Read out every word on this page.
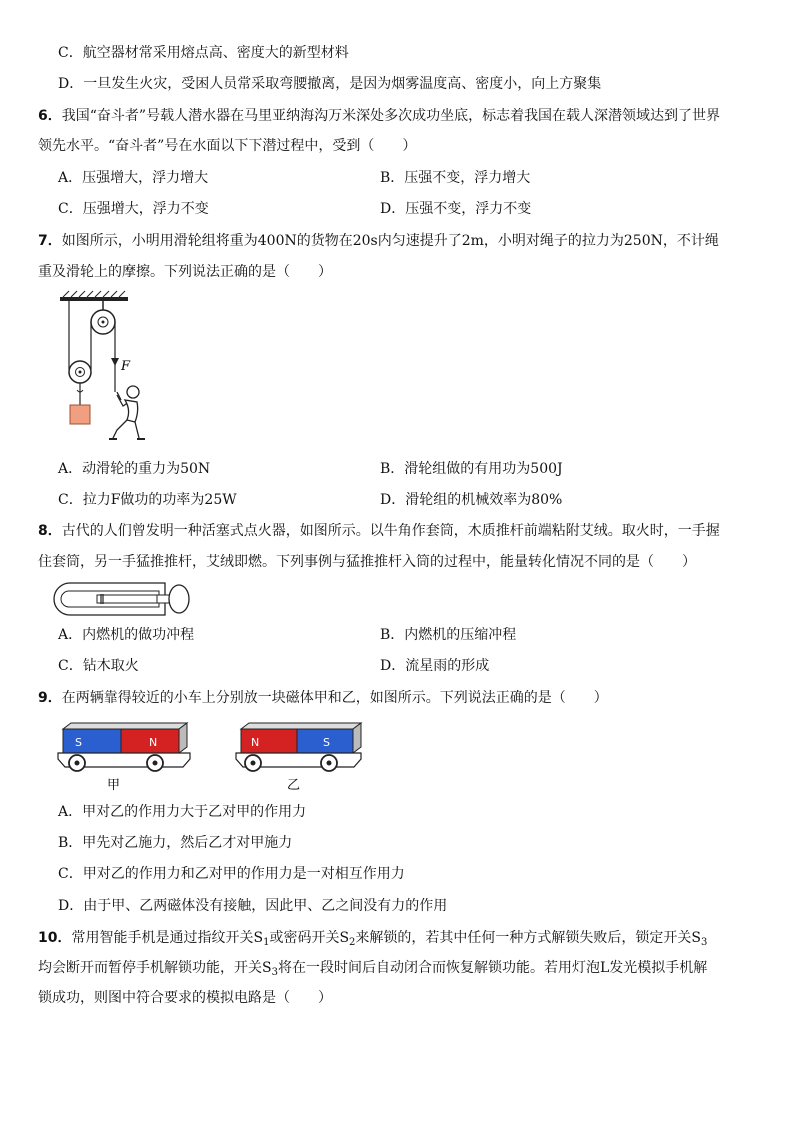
C．航空器材常采用熔点高、密度大的新型材料
D．一旦发生火灾，受困人员常采取弯腰撤离，是因为烟雾温度高、密度小，向上方聚集
6．我国“奋斗者”号载人潜水器在马里亚纳海沟万米深处多次成功坐底，标志着我国在载人深潜领域达到了世界
领先水平。“奋斗者”号在水面以下下潜过程中，受到（　　）
A．压强增大，浮力增大	B．压强不变，浮力增大
C．压强增大，浮力不变	D．压强不变，浮力不变
7．如图所示，小明用滑轮组将重为400N的货物在20s内匀速提升了2m，小明对绳子的拉力为250N，不计绳
重及滑轮上的摩擦。下列说法正确的是（　　）
F
A．动滑轮的重力为50N	B．滑轮组做的有用功为500J
C．拉力F做功的功率为25W	D．滑轮组的机械效率为80%
8．古代的人们曾发明一种活塞式点火器，如图所示。以牛角作套筒，木质推杆前端粘附艾绒。取火时，一手握
住套筒，另一手猛推推杆，艾绒即燃。下列事例与猛推推杆入筒的过程中，能量转化情况不同的是（　　）
A．内燃机的做功冲程	B．内燃机的压缩冲程
C．钻木取火	D．流星雨的形成
9．在两辆靠得较近的小车上分别放一块磁体甲和乙，如图所示。下列说法正确的是（　　）
S	N
甲
N	S
乙
A．甲对乙的作用力大于乙对甲的作用力
B．甲先对乙施力，然后乙才对甲施力
C．甲对乙的作用力和乙对甲的作用力是一对相互作用力
D．由于甲、乙两磁体没有接触，因此甲、乙之间没有力的作用
10．常用智能手机是通过指纹开关$S_1$或密码开关$S_2$来解锁的，若其中任何一种方式解锁失败后，锁定开关$S_3$
均会断开而暂停手机解锁功能，开关$S_3$将在一段时间后自动闭合而恢复解锁功能。若用灯泡L发光模拟手机解
锁成功，则图中符合要求的模拟电路是（　　）
